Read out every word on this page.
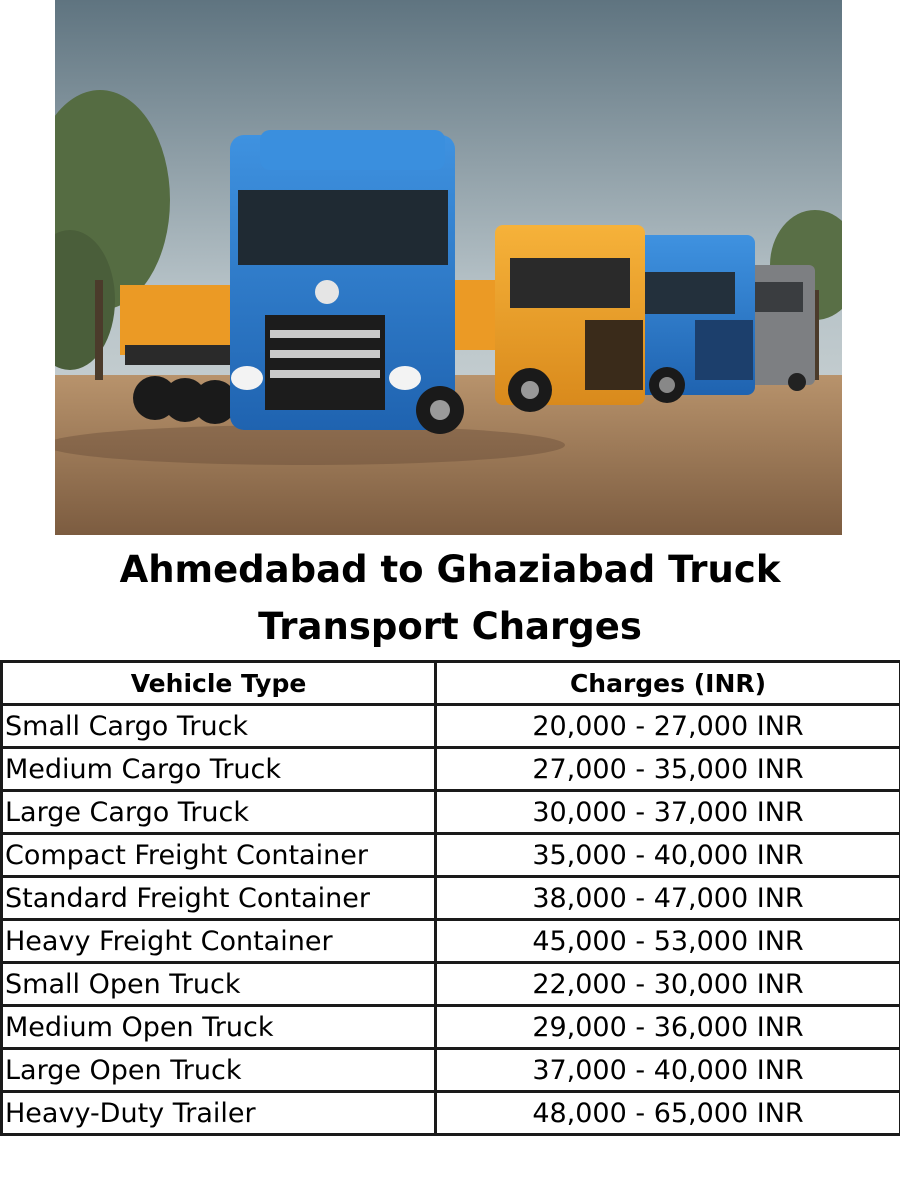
Ahmedabad to Ghaziabad Truck
Transport Charges
Vehicle Type	Charges (INR)
Small Cargo Truck	20,000 - 27,000 INR
Medium Cargo Truck	27,000 - 35,000 INR
Large Cargo Truck	30,000 - 37,000 INR
Compact Freight Container	35,000 - 40,000 INR
Standard Freight Container	38,000 - 47,000 INR
Heavy Freight Container	45,000 - 53,000 INR
Small Open Truck	22,000 - 30,000 INR
Medium Open Truck	29,000 - 36,000 INR
Large Open Truck	37,000 - 40,000 INR
Heavy-Duty Trailer	48,000 - 65,000 INR
